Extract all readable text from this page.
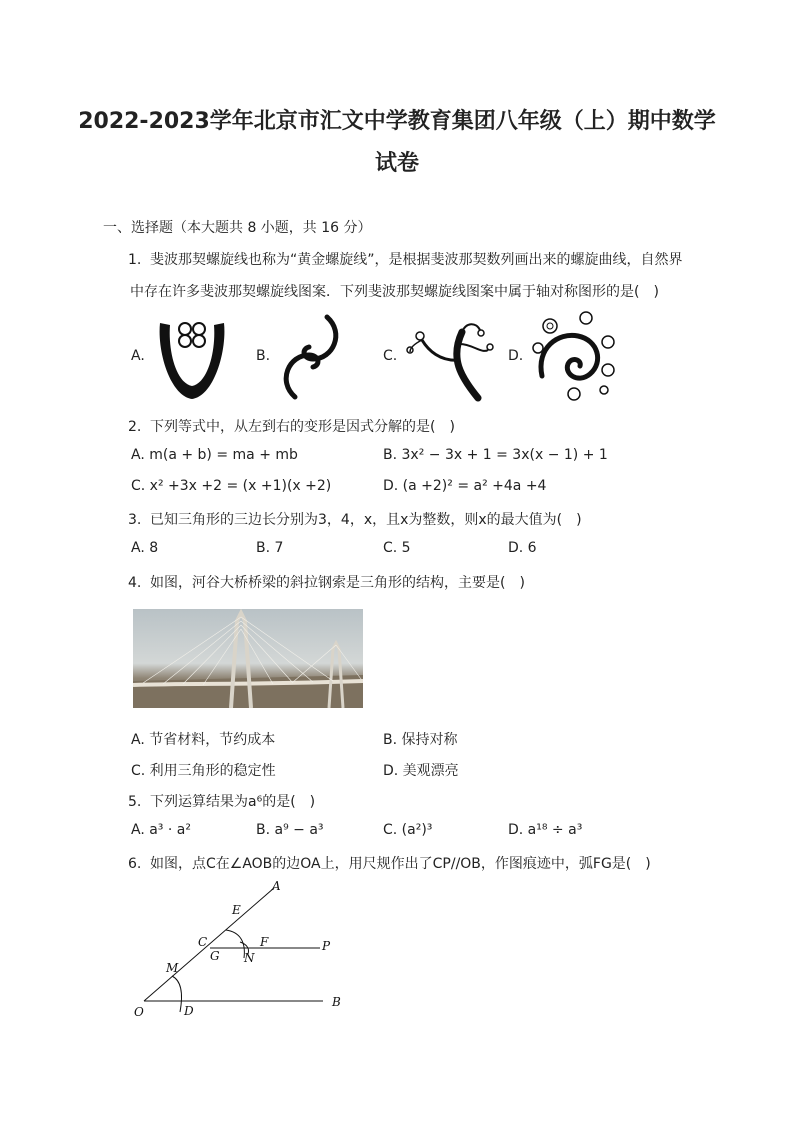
2022-2023学年北京市汇文中学教育集团八年级（上）期中数学
试卷
一、选择题（本大题共 8 小题，共 16 分）
1. 斐波那契螺旋线也称为“黄金螺旋线”，是根据斐波那契数列画出来的螺旋曲线，自然界
中存在许多斐波那契螺旋线图案．下列斐波那契螺旋线图案中属于轴对称图形的是(　)
A.	B.	C.	D.
2. 下列等式中，从左到右的变形是因式分解的是(　)
A. m(a + b) = ma + mb	B. 3x² − 3x + 1 = 3x(x − 1) + 1
C. x² +3x +2 = (x +1)(x +2)	D. (a +2)² = a² +4a +4
3. 已知三角形的三边长分别为3，4，x，且x为整数，则x的最大值为(　)
A. 8	B. 7	C. 5	D. 6
4. 如图，河谷大桥桥梁的斜拉钢索是三角形的结构，主要是(　)
A. 节省材料，节约成本	B. 保持对称
C. 利用三角形的稳定性	D. 美观漂亮
5. 下列运算结果为a⁶的是(　)
A. a³ · a²	B. a⁹ − a³	C. (a²)³	D. a¹⁸ ÷ a³
6. 如图，点C在∠AOB的边OA上，用尺规作出了CP//OB，作图痕迹中，弧FG是(　)
A
E
C	F	P
G N
M
O	D
B
